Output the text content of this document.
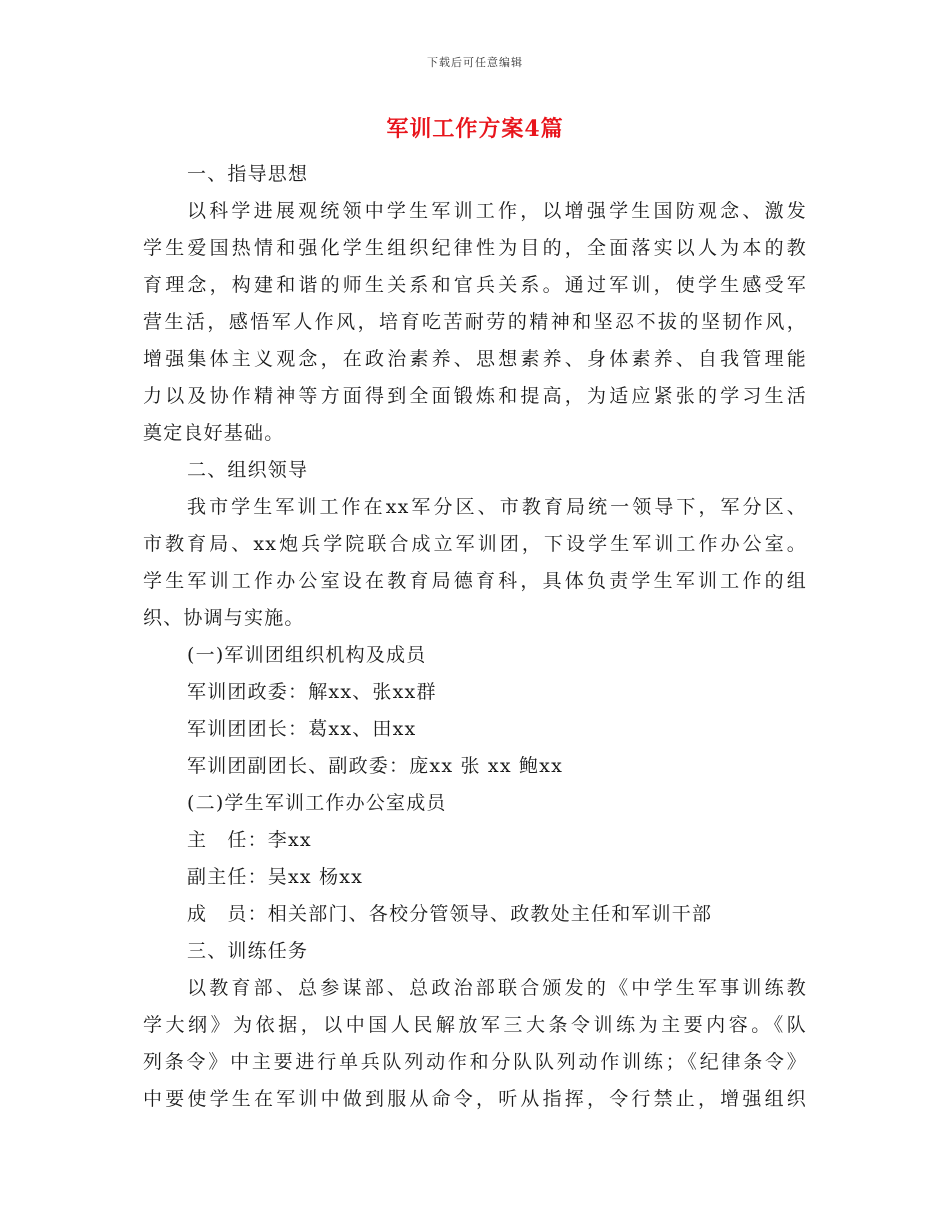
下载后可任意编辑
军训工作方案4篇
一、指导思想
以科学进展观统领中学生军训工作，以增强学生国防观念、激发
学生爱国热情和强化学生组织纪律性为目的，全面落实以人为本的教
育理念，构建和谐的师生关系和官兵关系。通过军训，使学生感受军
营生活，感悟军人作风，培育吃苦耐劳的精神和坚忍不拔的坚韧作风，
增强集体主义观念，在政治素养、思想素养、身体素养、自我管理能
力以及协作精神等方面得到全面锻炼和提高，为适应紧张的学习生活
奠定良好基础。
二、组织领导
我市学生军训工作在xx军分区、市教育局统一领导下，军分区、
市教育局、xx炮兵学院联合成立军训团，下设学生军训工作办公室。
学生军训工作办公室设在教育局德育科，具体负责学生军训工作的组
织、协调与实施。
(一)军训团组织机构及成员
军训团政委：解xx、张xx群
军训团团长：葛xx、田xx
军训团副团长、副政委：庞xx 张 xx 鲍xx
(二)学生军训工作办公室成员
主　任：李xx
副主任：吴xx 杨xx
成　员：相关部门、各校分管领导、政教处主任和军训干部
三、训练任务
以教育部、总参谋部、总政治部联合颁发的《中学生军事训练教
学大纲》为依据，以中国人民解放军三大条令训练为主要内容。《队
列条令》中主要进行单兵队列动作和分队队列动作训练；《纪律条令》
中要使学生在军训中做到服从命令，听从指挥，令行禁止，增强组织
